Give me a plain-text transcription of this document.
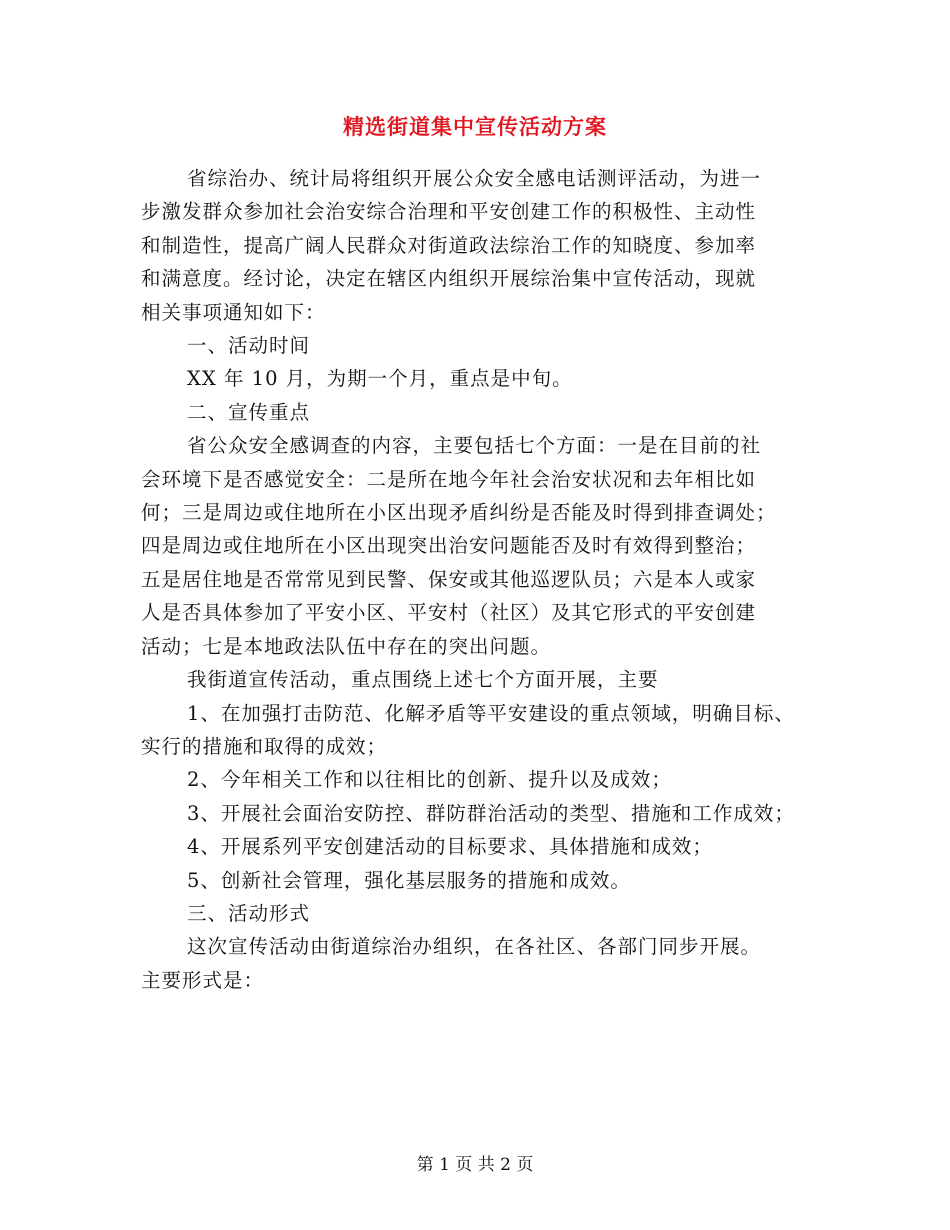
精选街道集中宣传活动方案

省综治办、统计局将组织开展公众安全感电话测评活动，为进一
步激发群众参加社会治安综合治理和平安创建工作的积极性、主动性
和制造性，提高广阔人民群众对街道政法综治工作的知晓度、参加率
和满意度。经讨论，决定在辖区内组织开展综治集中宣传活动，现就
相关事项通知如下：

一、活动时间

XX 年 10 月，为期一个月，重点是中旬。

二、宣传重点

省公众安全感调查的内容，主要包括七个方面：一是在目前的社
会环境下是否感觉安全：二是所在地今年社会治安状况和去年相比如
何；三是周边或住地所在小区出现矛盾纠纷是否能及时得到排查调处；
四是周边或住地所在小区出现突出治安问题能否及时有效得到整治；
五是居住地是否常常见到民警、保安或其他巡逻队员；六是本人或家
人是否具体参加了平安小区、平安村（社区）及其它形式的平安创建
活动；七是本地政法队伍中存在的突出问题。

我街道宣传活动，重点围绕上述七个方面开展，主要

1、在加强打击防范、化解矛盾等平安建设的重点领域，明确目标、
实行的措施和取得的成效；

2、今年相关工作和以往相比的创新、提升以及成效；

3、开展社会面治安防控、群防群治活动的类型、措施和工作成效；

4、开展系列平安创建活动的目标要求、具体措施和成效；

5、创新社会管理，强化基层服务的措施和成效。

三、活动形式

这次宣传活动由街道综治办组织，在各社区、各部门同步开展。
主要形式是：

第 1 页 共 2 页
